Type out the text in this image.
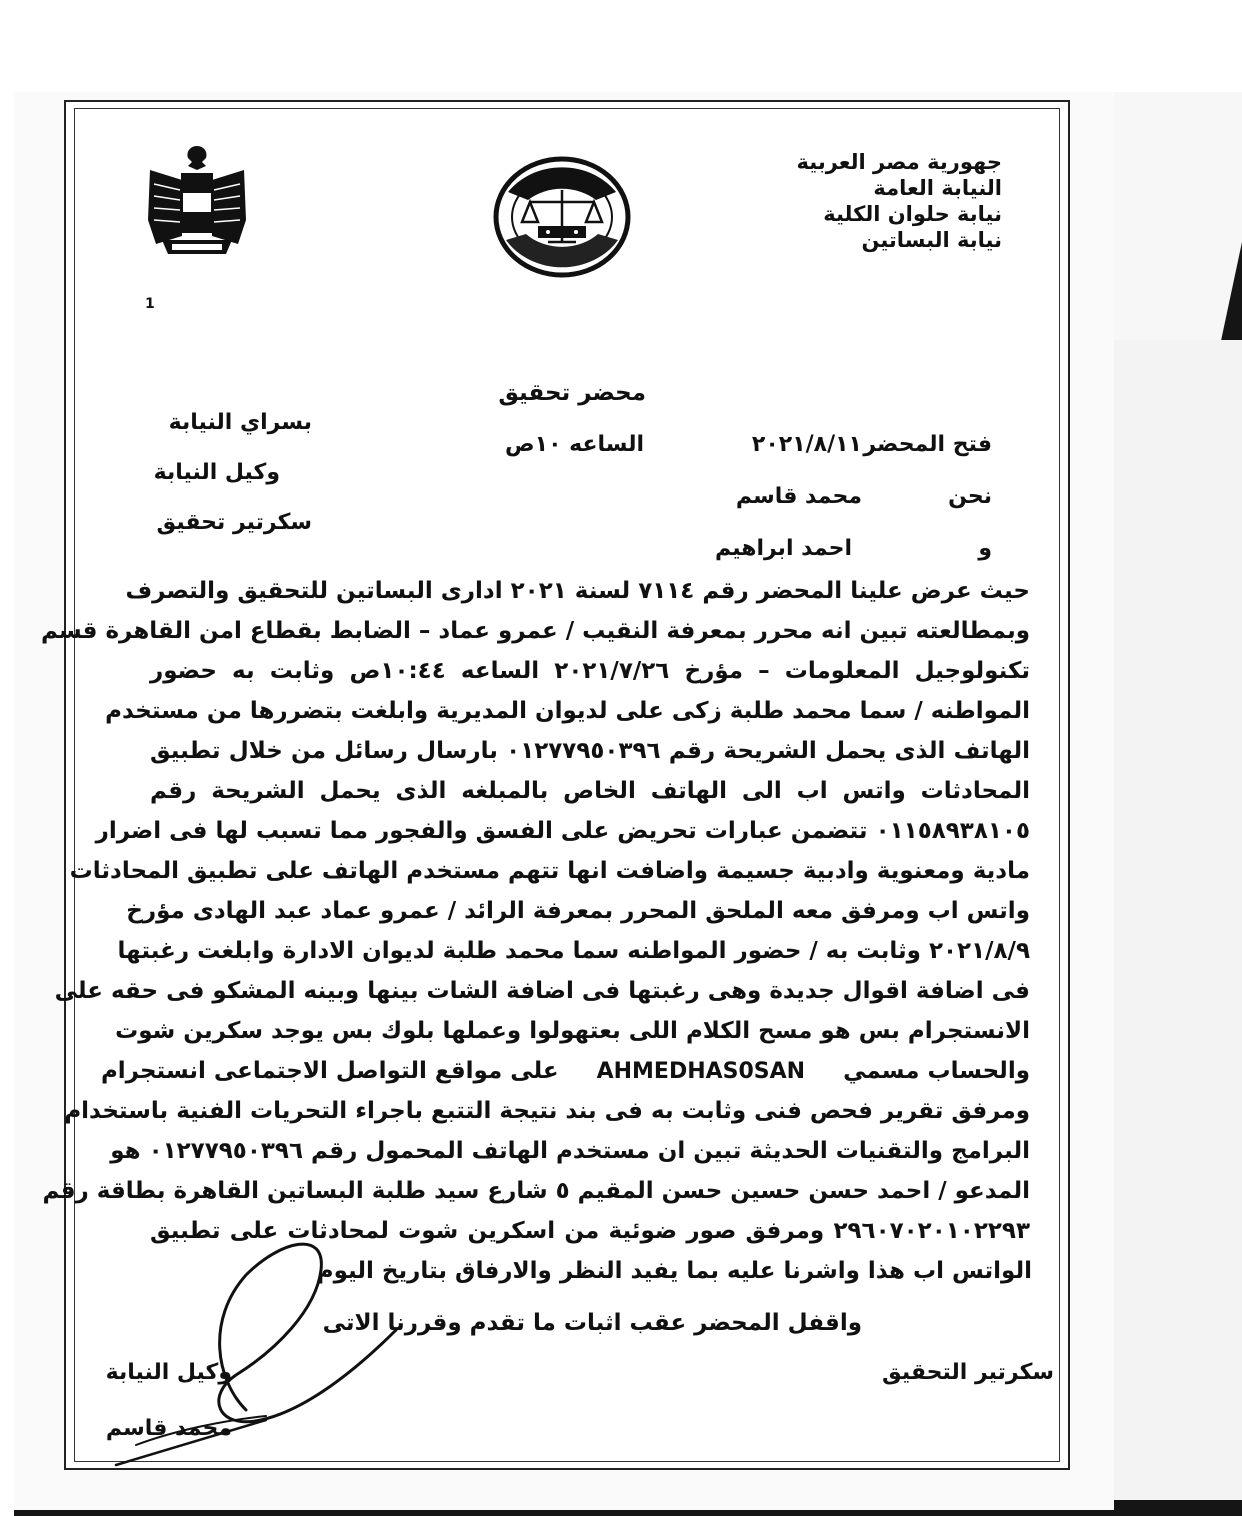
جهورية مصر العربية
النيابة العامة
نيابة حلوان الكلية
نيابة البساتين
1
محضر تحقيق
فتح المحضر
٢٠٢١/٨/١١
الساعه ١٠ص
نحن
محمد قاسم
و
احمد ابراهيم
بسراي النيابة
وكيل النيابة
سكرتير تحقيق
حيث عرض علينا المحضر رقم ٧١١٤ لسنة ٢٠٢١ اداری البساتين للتحقيق والتصرف
وبمطالعته تبين انه محرر بمعرفة النقيب / عمرو عماد – الضابط بقطاع امن القاهرة قسم
تكنولوجيل المعلومات – مؤرخ ٢٠٢١/٧/٢٦ الساعه ١٠:٤٤ص وثابت به حضور
المواطنه / سما محمد طلبة زكى على لديوان المديرية وابلغت بتضررها من مستخدم
الهاتف الذى يحمل الشريحة رقم ٠١٢٧٧٩٥٠٣٩٦ بارسال رسائل من خلال تطبيق
المحادثات واتس اب الى الهاتف الخاص بالمبلغه الذى يحمل الشريحة رقم
٠١١٥٨٩٣٨١٠٥ تتضمن عبارات تحريض على الفسق والفجور مما تسبب لها فى اضرار
مادية ومعنوية وادبية جسيمة واضافت انها تتهم مستخدم الهاتف على تطبيق المحادثات
واتس اب ومرفق معه الملحق المحرر بمعرفة الرائد / عمرو عماد عبد الهادى مؤرخ
٢٠٢١/٨/٩ وثابت به / حضور المواطنه سما محمد طلبة لديوان الادارة وابلغت رغبتها
فى اضافة اقوال جديدة وهى رغبتها فى اضافة الشات بينها وبينه المشكو فى حقه على
الانستجرام بس هو مسح الكلام اللى بعتهولوا وعملها بلوك بس يوجد سكرين شوت
والحساب مسمي AHMEDHAS0SAN على مواقع التواصل الاجتماعى انستجرام
ومرفق تقرير فحص فنى وثابت به فى بند نتيجة التتبع باجراء التحريات الفنية باستخدام
البرامج والتقنيات الحديثة تبين ان مستخدم الهاتف المحمول رقم ٠١٢٧٧٩٥٠٣٩٦ هو
المدعو / احمد حسن حسين حسن المقيم ٥ شارع سيد طلبة البساتين القاهرة بطاقة رقم
٢٩٦٠٧٠٢٠١٠٢٢٩٣ ومرفق صور ضوئية من اسكرين شوت لمحادثات على تطبيق
الواتس اب هذا واشرنا عليه بما يفيد النظر والارفاق بتاريخ اليوم
واقفل المحضر عقب اثبات ما تقدم وقررنا الاتى
سكرتير التحقيق
وكيل النيابة
محمد قاسم
